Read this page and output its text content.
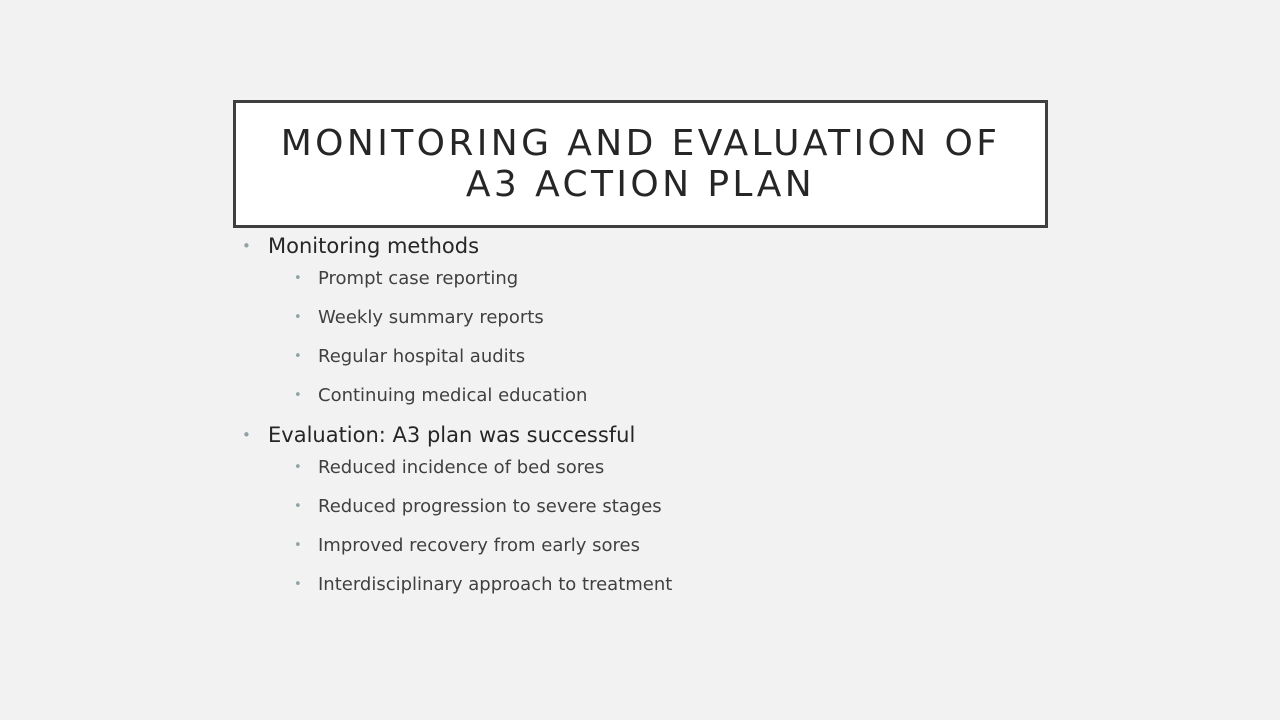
MONITORING AND EVALUATION OF
A3 ACTION PLAN
• Monitoring methods
• Prompt case reporting
• Weekly summary reports
• Regular hospital audits
• Continuing medical education
• Evaluation: A3 plan was successful
• Reduced incidence of bed sores
• Reduced progression to severe stages
• Improved recovery from early sores
• Interdisciplinary approach to treatment
